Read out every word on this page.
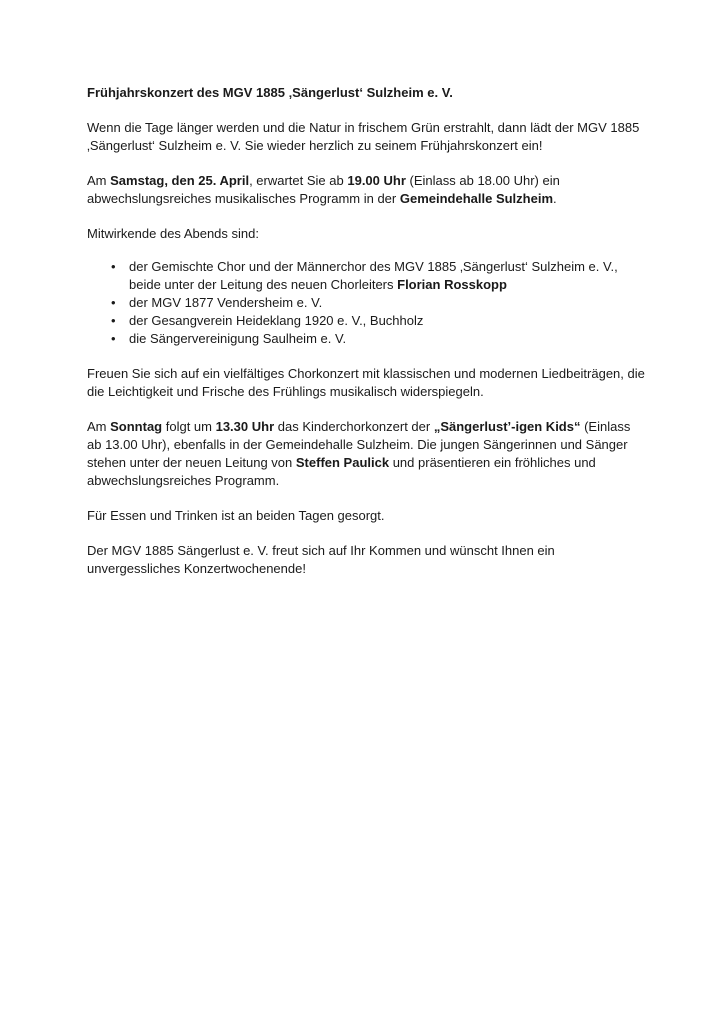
Frühjahrskonzert des MGV 1885 ‚Sängerlust‘ Sulzheim e. V.

Wenn die Tage länger werden und die Natur in frischem Grün erstrahlt, dann lädt der MGV 1885 ‚Sängerlust‘ Sulzheim e. V. Sie wieder herzlich zu seinem Frühjahrskonzert ein!

Am Samstag, den 25. April, erwartet Sie ab 19.00 Uhr (Einlass ab 18.00 Uhr) ein abwechslungsreiches musikalisches Programm in der Gemeindehalle Sulzheim.

Mitwirkende des Abends sind:

• der Gemischte Chor und der Männerchor des MGV 1885 ‚Sängerlust‘ Sulzheim e. V., beide unter der Leitung des neuen Chorleiters Florian Rosskopp
• der MGV 1877 Vendersheim e. V.
• der Gesangverein Heideklang 1920 e. V., Buchholz
• die Sängervereinigung Saulheim e. V.

Freuen Sie sich auf ein vielfältiges Chorkonzert mit klassischen und modernen Liedbeiträgen, die die Leichtigkeit und Frische des Frühlings musikalisch widerspiegeln.

Am Sonntag folgt um 13.30 Uhr das Kinderchorkonzert der „Sängerlust’-igen Kids“ (Einlass ab 13.00 Uhr), ebenfalls in der Gemeindehalle Sulzheim. Die jungen Sängerinnen und Sänger stehen unter der neuen Leitung von Steffen Paulick und präsentieren ein fröhliches und abwechslungsreiches Programm.

Für Essen und Trinken ist an beiden Tagen gesorgt.

Der MGV 1885 Sängerlust e. V. freut sich auf Ihr Kommen und wünscht Ihnen ein unvergessliches Konzertwochenende!
